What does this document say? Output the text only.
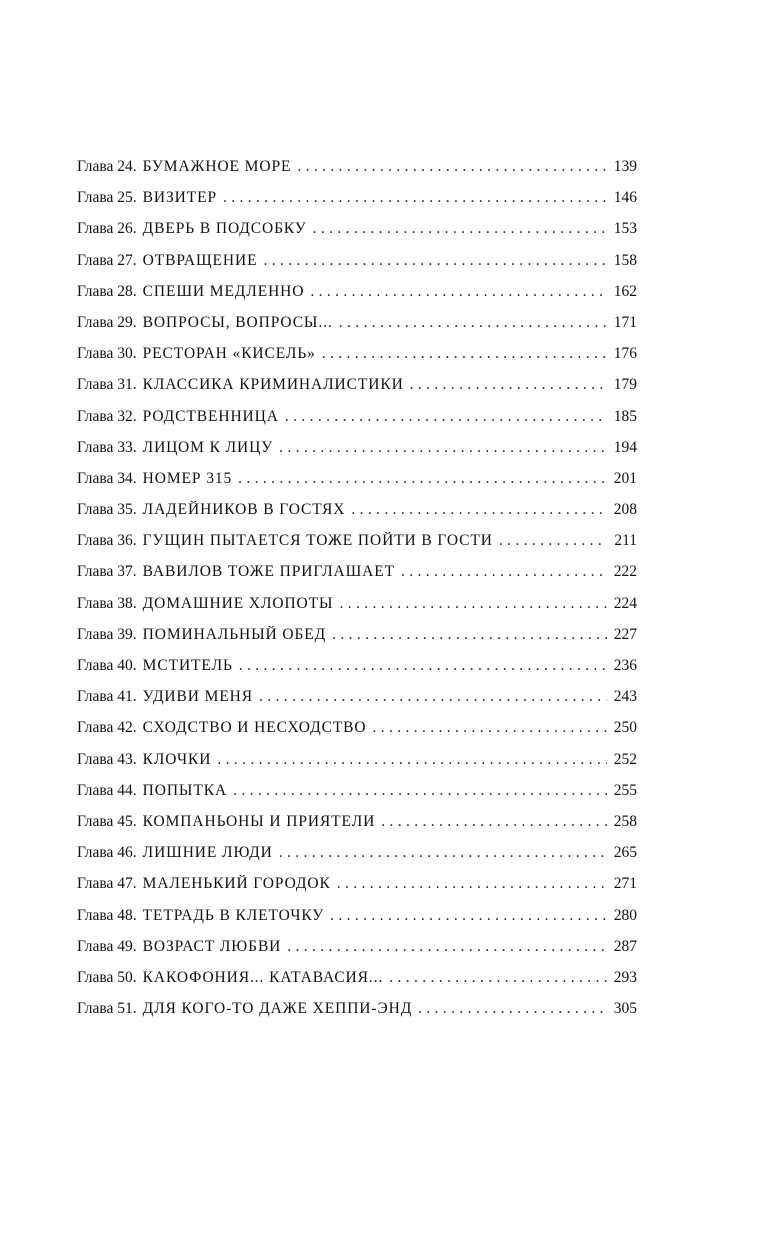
Глава 24. БУМАЖНОЕ МОРЕ . . .	139
Глава 25. ВИЗИТЕР . . .	146
Глава 26. ДВЕРЬ В ПОДСОБКУ . . .	153
Глава 27. ОТВРАЩЕНИЕ . . .	158
Глава 28. СПЕШИ МЕДЛЕННО . . .	162
Глава 29. ВОПРОСЫ, ВОПРОСЫ... . . .	171
Глава 30. РЕСТОРАН «КИСЕЛЬ» . . .	176
Глава 31. КЛАССИКА КРИМИНАЛИСТИКИ . . .	179
Глава 32. РОДСТВЕННИЦА . . .	185
Глава 33. ЛИЦОМ К ЛИЦУ . . .	194
Глава 34. НОМЕР 315 . . .	201
Глава 35. ЛАДЕЙНИКОВ В ГОСТЯХ . . .	208
Глава 36. ГУЩИН ПЫТАЕТСЯ ТОЖЕ ПОЙТИ В ГОСТИ . . .	211
Глава 37. ВАВИЛОВ ТОЖЕ ПРИГЛАШАЕТ . . .	222
Глава 38. ДОМАШНИЕ ХЛОПОТЫ . . .	224
Глава 39. ПОМИНАЛЬНЫЙ ОБЕД . . .	227
Глава 40. МСТИТЕЛЬ . . .	236
Глава 41. УДИВИ МЕНЯ . . .	243
Глава 42. СХОДСТВО И НЕСХОДСТВО . . .	250
Глава 43. КЛОЧКИ . . .	252
Глава 44. ПОПЫТКА . . .	255
Глава 45. КОМПАНЬОНЫ И ПРИЯТЕЛИ . . .	258
Глава 46. ЛИШНИЕ ЛЮДИ . . .	265
Глава 47. МАЛЕНЬКИЙ ГОРОДОК . . .	271
Глава 48. ТЕТРАДЬ В КЛЕТОЧКУ . . .	280
Глава 49. ВОЗРАСТ ЛЮБВИ . . .	287
Глава 50. КАКОФОНИЯ... КАТАВАСИЯ... . . .	293
Глава 51. ДЛЯ КОГО-ТО ДАЖЕ ХЕППИ-ЭНД . . .	305
